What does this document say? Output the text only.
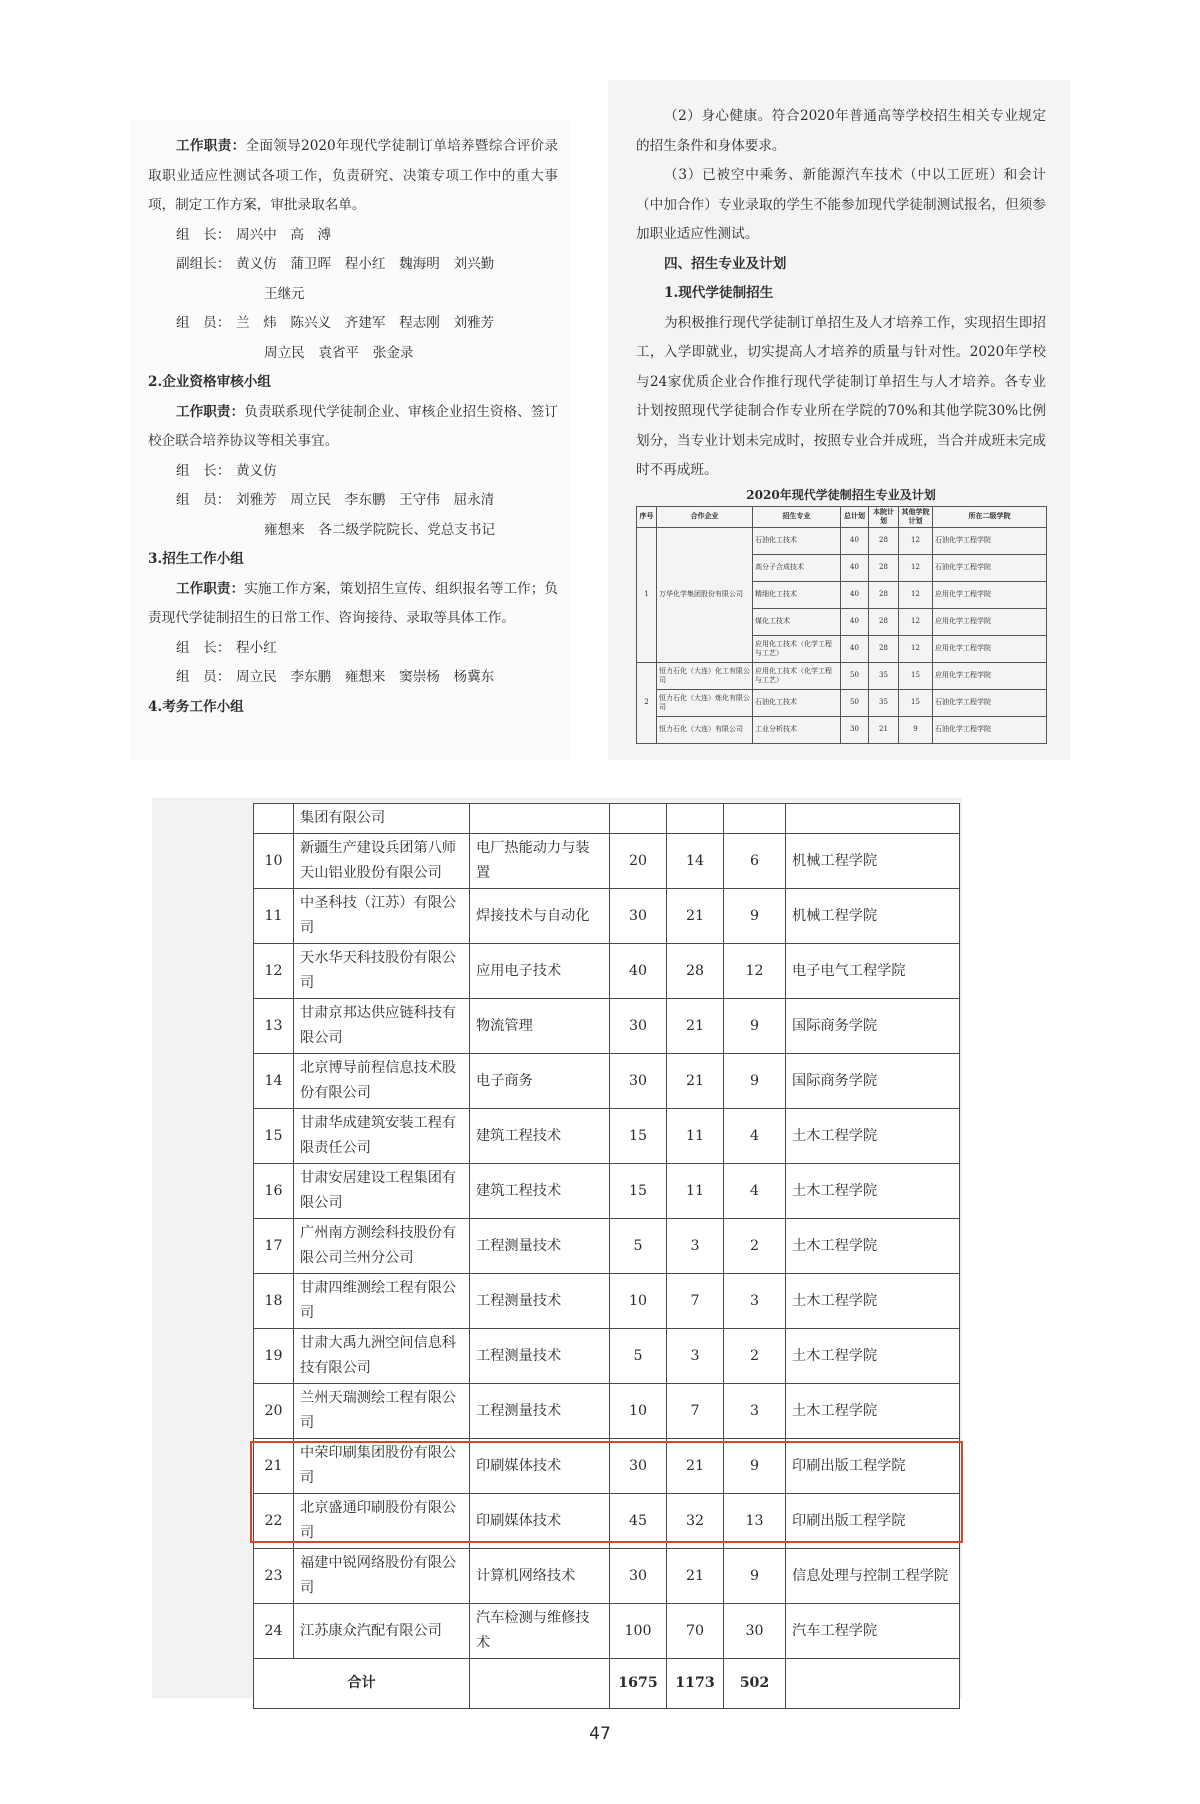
工作职责：全面领导2020年现代学徒制订单培养暨综合评价录取职业适应性测试各项工作，负责研究、决策专项工作中的重大事项，制定工作方案，审批录取名单。

组　长： 周兴中　高　溥
副组长： 黄义仿　蒲卫晖　程小红　魏海明　刘兴勤
王继元
组　员： 兰　炜　陈兴义　齐建军　程志刚　刘雅芳
周立民　袁省平　张金录

2.企业资格审核小组

工作职责：负责联系现代学徒制企业、审核企业招生资格、签订校企联合培养协议等相关事宜。

组　长： 黄义仿
组　员： 刘雅芳　周立民　李东鹏　王守伟　屈永清
雍想来　各二级学院院长、党总支书记

3.招生工作小组

工作职责：实施工作方案，策划招生宣传、组织报名等工作；负责现代学徒制招生的日常工作、咨询接待、录取等具体工作。

组　长： 程小红
组　员： 周立民　李东鹏　雍想来　窦崇杨　杨冀东

4.考务工作小组

（2）身心健康。符合2020年普通高等学校招生相关专业规定的招生条件和身体要求。

（3）已被空中乘务、新能源汽车技术（中以工匠班）和会计（中加合作）专业录取的学生不能参加现代学徒制测试报名，但须参加职业适应性测试。

四、招生专业及计划

1.现代学徒制招生

为积极推行现代学徒制订单招生及人才培养工作，实现招生即招工，入学即就业，切实提高人才培养的质量与针对性。2020年学校与24家优质企业合作推行现代学徒制订单招生与人才培养。各专业计划按照现代学徒制合作专业所在学院的70%和其他学院30%比例划分，当专业计划未完成时，按照专业合并成班，当合并成班未完成时不再成班。

2020年现代学徒制招生专业及计划
序号	合作企业	招生专业	总计划	本院计划	其他学院计划	所在二级学院
1	万华化学集团股份有限公司	石油化工技术	40	28	12	石油化学工程学院
		高分子合成技术	40	28	12	石油化学工程学院
		精细化工技术	40	28	12	应用化学工程学院
		煤化工技术	40	28	12	应用化学工程学院
		应用化工技术（化学工程与工艺）	40	28	12	应用化学工程学院
2	恒力石化（大连）化工有限公司	应用化工技术（化学工程与工艺）	50	35	15	应用化学工程学院
	恒力石化（大连）炼化有限公司	石油化工技术	50	35	15	石油化学工程学院
	恒力石化（大连）有限公司	工业分析技术	30	21	9	石油化学工程学院
	集团有限公司					
10	新疆生产建设兵团第八师天山铝业股份有限公司	电厂热能动力与装置	20	14	6	机械工程学院
11	中圣科技（江苏）有限公司	焊接技术与自动化	30	21	9	机械工程学院
12	天水华天科技股份有限公司	应用电子技术	40	28	12	电子电气工程学院
13	甘肃京邦达供应链科技有限公司	物流管理	30	21	9	国际商务学院
14	北京博导前程信息技术股份有限公司	电子商务	30	21	9	国际商务学院
15	甘肃华成建筑安装工程有限责任公司	建筑工程技术	15	11	4	土木工程学院
16	甘肃安居建设工程集团有限公司	建筑工程技术	15	11	4	土木工程学院
17	广州南方测绘科技股份有限公司兰州分公司	工程测量技术	5	3	2	土木工程学院
18	甘肃四维测绘工程有限公司	工程测量技术	10	7	3	土木工程学院
19	甘肃大禹九洲空间信息科技有限公司	工程测量技术	5	3	2	土木工程学院
20	兰州天瑞测绘工程有限公司	工程测量技术	10	7	3	土木工程学院
21	中荣印刷集团股份有限公司	印刷媒体技术	30	21	9	印刷出版工程学院
22	北京盛通印刷股份有限公司	印刷媒体技术	45	32	13	印刷出版工程学院
23	福建中锐网络股份有限公司	计算机网络技术	30	21	9	信息处理与控制工程学院
24	江苏康众汽配有限公司	汽车检测与维修技术	100	70	30	汽车工程学院
合计			1675	1173	502	
47
